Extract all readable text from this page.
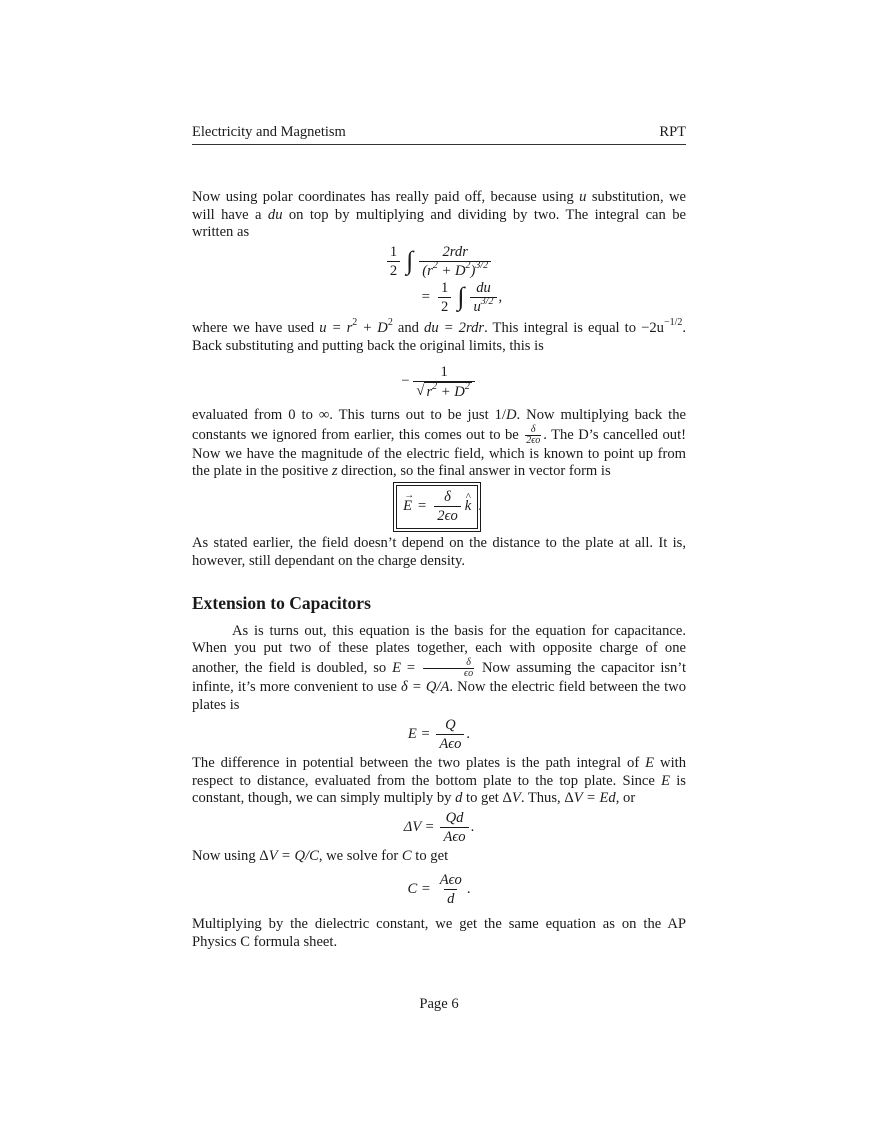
Electricity and Magnetism	RPT

Now using polar coordinates has really paid off, because using u substitution, we will have a du on top by multiplying and dividing by two. The integral can be written as

$\frac{1}{2}$ ∫ $\frac{\text{2rdr}}{(r^2 + D^2)^{3/2}}$
= $\frac{1}{2}$ ∫ $\frac{du}{u^{3/2}}$ ,

where we have used $u = r^2 + D^2$ and du = 2rdr. This integral is equal to $-2u^{-1/2}$. Back substituting and putting back the original limits, this is

− $\frac{1}{√ r^2 + D^2}$

evaluated from 0 to ∞. This turns out to be just 1/D. Now multiplying back the constants we ignored from earlier, this comes out to be $\frac{\delta}{2\epsilon o}$ . The D’s cancelled out! Now we have the magnitude of the electric field, which is known to point up from the plate in the positive z direction, so the final answer in vector form is

→ $E = \frac{\delta}{2\epsilon o}$
^ k .

As stated earlier, the field doesn’t depend on the distance to the plate at all. It is, however, still dependant on the charge density.

Extension to Capacitors

As is turns out, this equation is the basis for the equation for capacitance. When you put two of these plates together, each with opposite charge of one another, the field is doubled, so $E = \frac{\delta}{\epsilon o}$ Now assuming the capacitor isn’t infinte, it’s more convenient to use δ = Q/A. Now the electric field between the two plates is

$E = \frac{Q}{\text{Aϵo}}$ .

The difference in potential between the two plates is the path integral of E with respect to distance, evaluated from the bottom plate to the top plate. Since E is constant, though, we can simply multiply by d to get ΔV. Thus, ΔV = Ed, or

$\Delta V = \frac{Qd}{\text{Aϵo}}$ .

Now using ΔV = Q/C, we solve for C to get

$C = \frac{\text{Aϵo}}{d}$ .

Multiplying by the dielectric constant, we get the same equation as on the AP Physics C formula sheet.

Page 6
